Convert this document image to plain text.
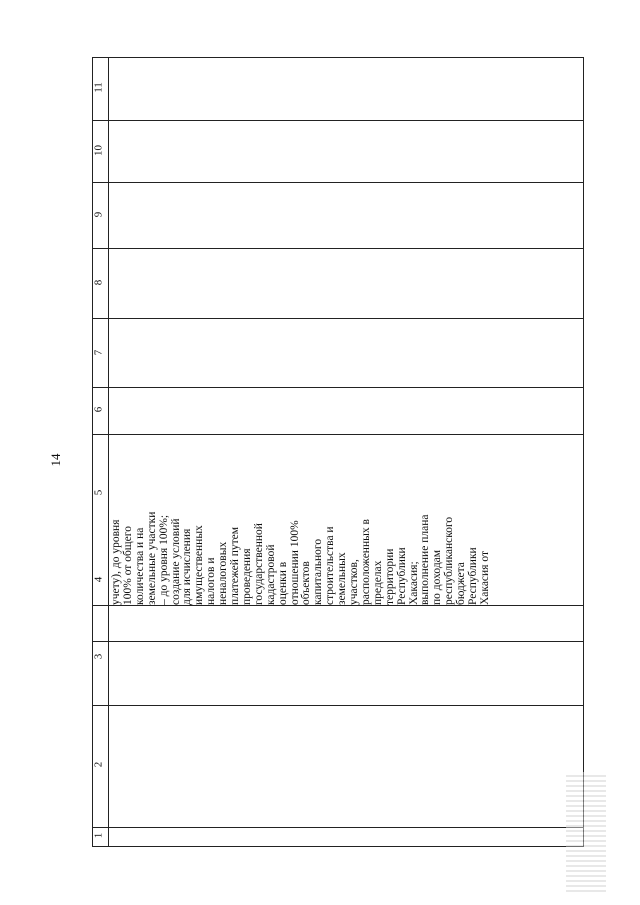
14
11
10
9
8
7
6
5
4
3
2
1
учету), до уровня 100% от общего количества и на земельные участки – до уровня 100%; создание условий для исчисления имущественных налогов и неналоговых платежей путем проведения государственной кадастровой оценки в отношении 100% объектов капитального строительства и земельных участков, расположенных в пределах территории Республики Хакасия; выполнение плана по доходам республиканского бюджета Республики Хакасия от
